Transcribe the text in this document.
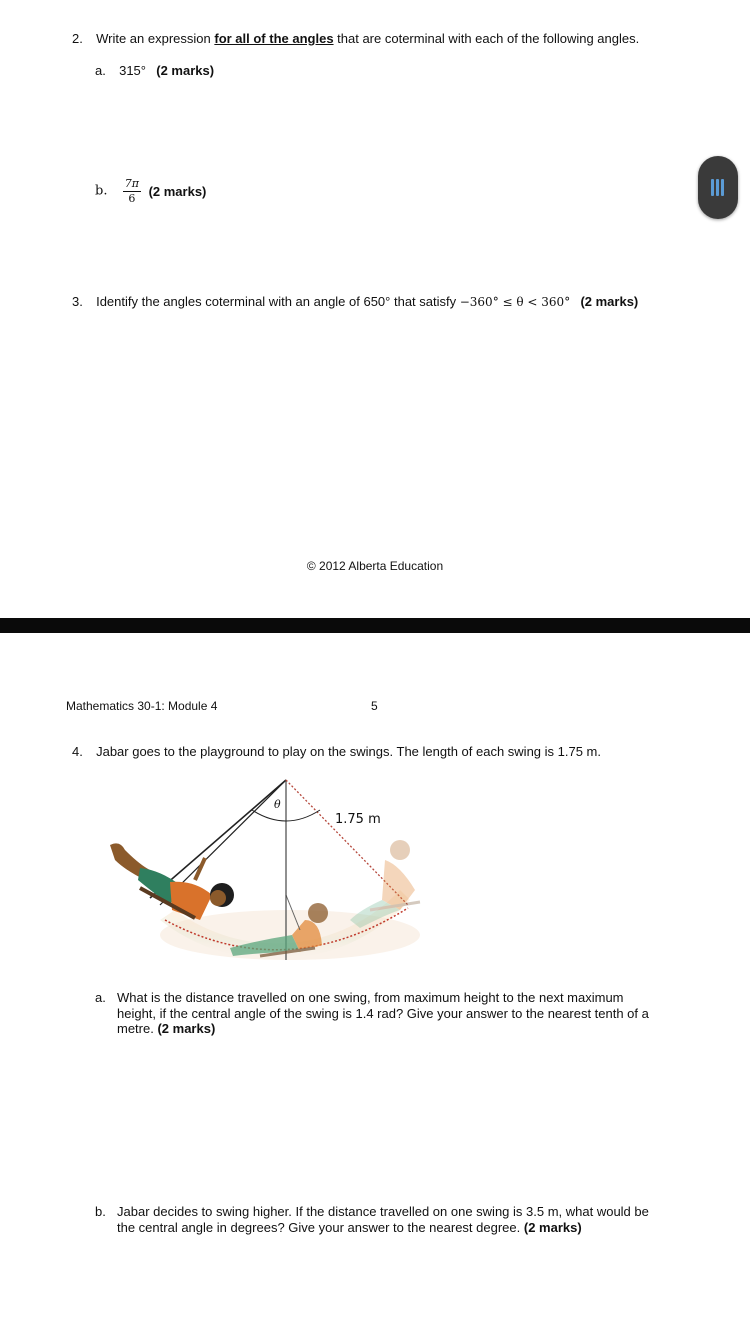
2. Write an expression for all of the angles that are coterminal with each of the following angles.
a. 315° (2 marks)
b. $\frac{7\pi}{6} (2$ marks)
3. Identify the angles coterminal with an angle of 650° that satisfy −360° ≤ θ < 360° (2 marks)
© 2012 Alberta Education
Mathematics 30-1: Module 4	5
4. Jabar goes to the playground to play on the swings. The length of each swing is 1.75 m.
θ
1.75 m
a. What is the distance travelled on one swing, from maximum height to the next maximum
height, if the central angle of the swing is 1.4 rad? Give your answer to the nearest tenth of a
metre. (2 marks)
b. Jabar decides to swing higher. If the distance travelled on one swing is 3.5 m, what would be
the central angle in degrees? Give your answer to the nearest degree. (2 marks)
